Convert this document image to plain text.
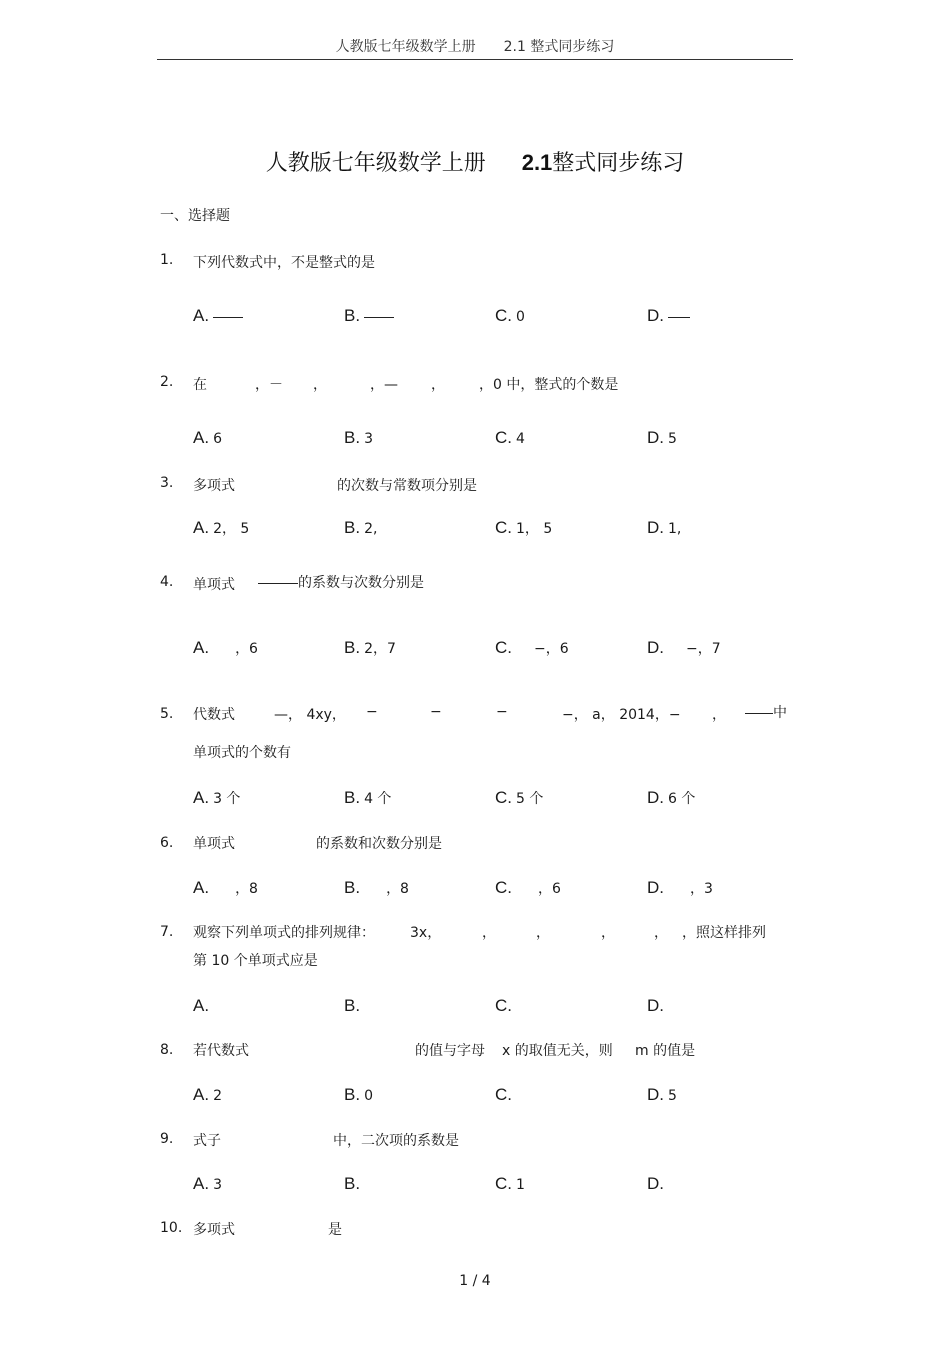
人教版七年级数学上册 2.1 整式同步练习
人教版七年级数学上册 2.1整式同步练习
一、选择题
1. 下列代数式中，不是整式的是
A.	B.	C. 0	D.
2. 在	，－ ，	，— ， ，0 中，整式的个数是
A. 6	B. 3	C. 4	D. 5
3. 多项式	的次数与常数项分别是
A. 2， 5	B. 2,	C. 1， 5	D. 1,
4. 单项式	的系数与次数分别是
A. ，6	B. 2，7	C. −，6	D. −，7
5. 代数式	—， 4xy， −	−	−	−， a， 2014，− ，	中
单项式的个数有
A. 3 个	B. 4 个	C. 5 个	D. 6 个
6. 单项式	的系数和次数分别是
A. ，8	B. ，8	C. ，6	D. ，3
7. 观察下列单项式的排列规律：	3x，	，	，	，	， ，照这样排列
第 10 个单项式应是
A.	B.	C.	D.
8. 若代数式	的值与字母 x 的取值无关，则 m 的值是
A. 2	B. 0	C.	D. 5
9. 式子	中，二次项的系数是
A. 3	B.	C. 1	D.
10. 多项式	是
1 / 4
